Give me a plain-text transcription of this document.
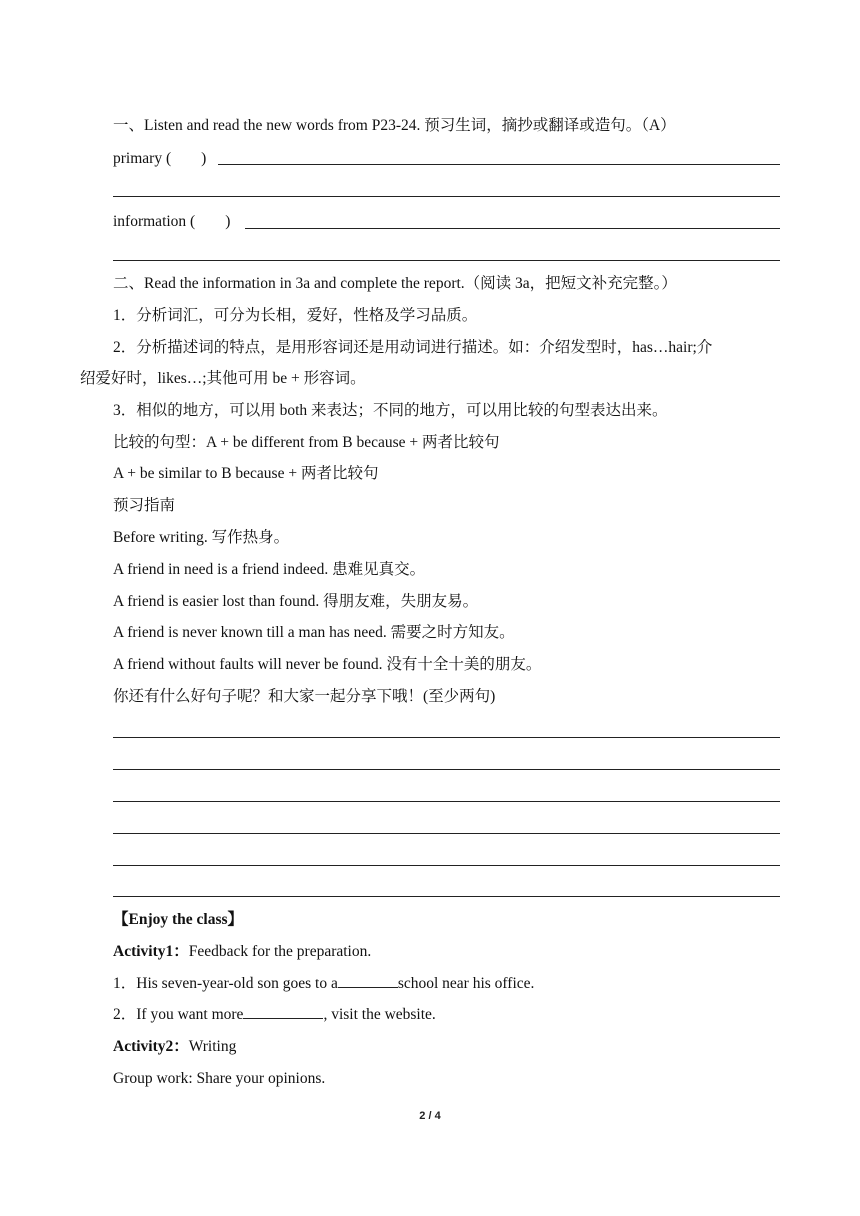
一、Listen and read the new words from P23-24. 预习生词，摘抄或翻译或造句。（A）
primary ( )
information ( )
二、Read the information in 3a and complete the report.（阅读 3a，把短文补充完整。）
1．分析词汇，可分为长相，爱好，性格及学习品质。
2．分析描述词的特点，是用形容词还是用动词进行描述。如：介绍发型时，has…hair;介
绍爱好时，likes…;其他可用 be + 形容词。
3．相似的地方，可以用 both 来表达；不同的地方，可以用比较的句型表达出来。
比较的句型：A + be different from B because + 两者比较句
A + be similar to B because + 两者比较句
预习指南
Before writing. 写作热身。
A friend in need is a friend indeed. 患难见真交。
A friend is easier lost than found. 得朋友难，失朋友易。
A friend is never known till a man has need. 需要之时方知友。
A friend without faults will never be found. 没有十全十美的朋友。
你还有什么好句子呢？和大家一起分享下哦！(至少两句)
【Enjoy the class】
Activity1：Feedback for the preparation.
1．His seven-year-old son goes to a	school near his office.
2．If you want more	, visit the website.
Activity2：Writing
Group work: Share your opinions.
2 / 4
